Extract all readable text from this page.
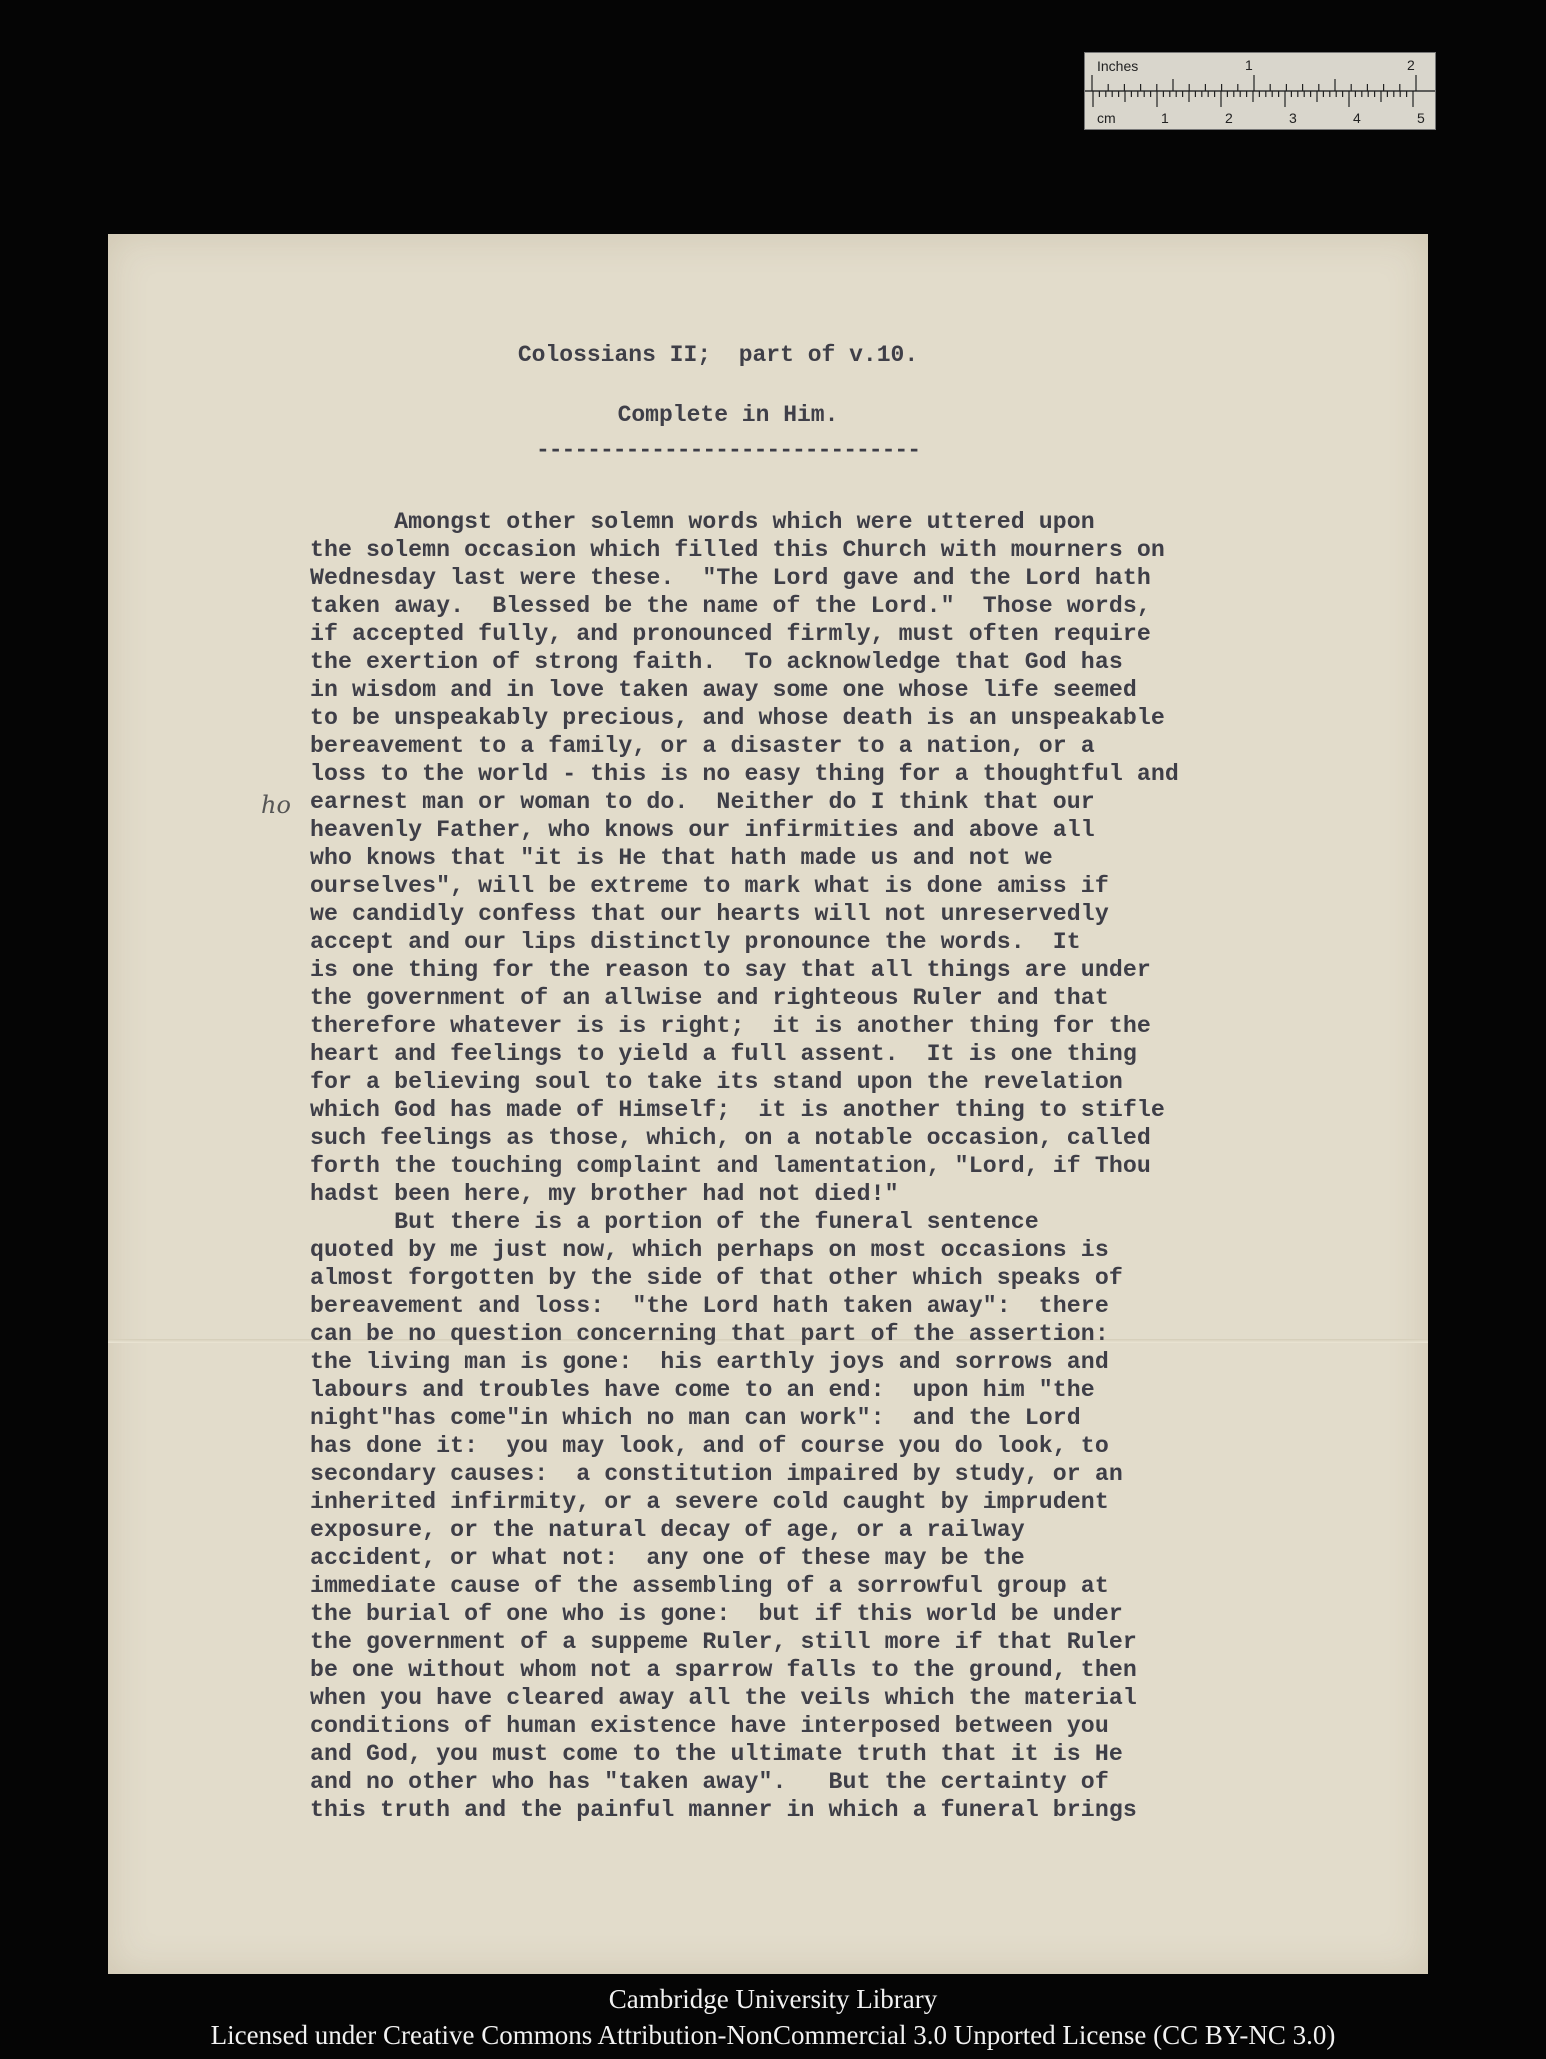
Inches
cm
1	2
1	2	3	4	5
Colossians II;  part of v.10.
Complete in Him.
------------------------------
ho
Amongst other solemn words which were uttered upon
the solemn occasion which filled this Church with mourners on
Wednesday last were these.  "The Lord gave and the Lord hath
taken away.  Blessed be the name of the Lord."  Those words,
if accepted fully, and pronounced firmly, must often require
the exertion of strong faith.  To acknowledge that God has
in wisdom and in love taken away some one whose life seemed
to be unspeakably precious, and whose death is an unspeakable
bereavement to a family, or a disaster to a nation, or a
loss to the world - this is no easy thing for a thoughtful and
earnest man or woman to do.  Neither do I think that our
heavenly Father, who knows our infirmities and above all
who knows that "it is He that hath made us and not we
ourselves", will be extreme to mark what is done amiss if
we candidly confess that our hearts will not unreservedly
accept and our lips distinctly pronounce the words.  It
is one thing for the reason to say that all things are under
the government of an allwise and righteous Ruler and that
therefore whatever is is right;  it is another thing for the
heart and feelings to yield a full assent.  It is one thing
for a believing soul to take its stand upon the revelation
which God has made of Himself;  it is another thing to stifle
such feelings as those, which, on a notable occasion, called
forth the touching complaint and lamentation, "Lord, if Thou
hadst been here, my brother had not died!"
But there is a portion of the funeral sentence
quoted by me just now, which perhaps on most occasions is
almost forgotten by the side of that other which speaks of
bereavement and loss:  "the Lord hath taken away":  there
can be no question concerning that part of the assertion:
the living man is gone:  his earthly joys and sorrows and
labours and troubles have come to an end:  upon him "the
night"has come"in which no man can work":  and the Lord
has done it:  you may look, and of course you do look, to
secondary causes:  a constitution impaired by study, or an
inherited infirmity, or a severe cold caught by imprudent
exposure, or the natural decay of age, or a railway
accident, or what not:  any one of these may be the
immediate cause of the assembling of a sorrowful group at
the burial of one who is gone:  but if this world be under
the government of a suppeme Ruler, still more if that Ruler
be one without whom not a sparrow falls to the ground, then
when you have cleared away all the veils which the material
conditions of human existence have interposed between you
and God, you must come to the ultimate truth that it is He
and no other who has "taken away".   But the certainty of
this truth and the painful manner in which a funeral brings

Cambridge University Library

Licensed under Creative Commons Attribution-NonCommercial 3.0 Unported License (CC BY-NC 3.0)
